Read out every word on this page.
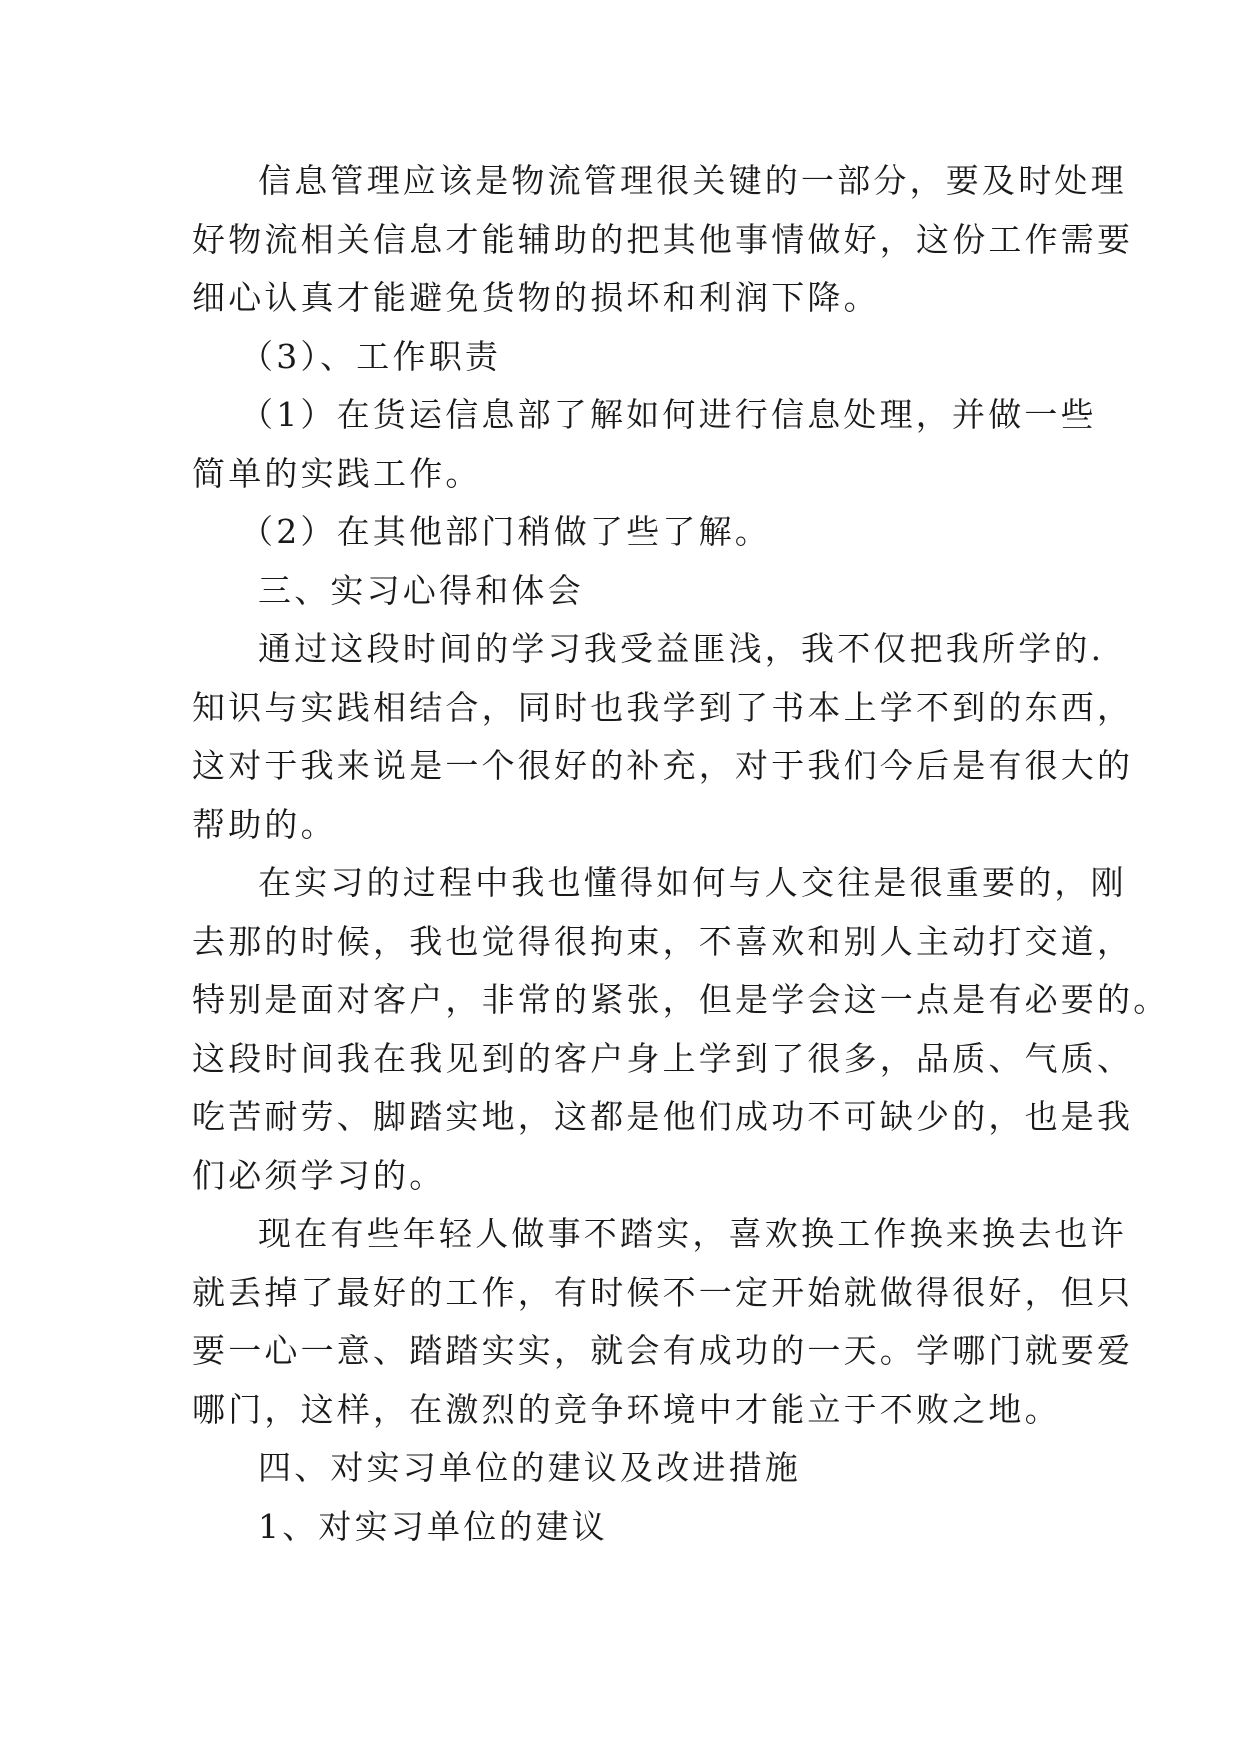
信息管理应该是物流管理很关键的一部分，要及时处理
好物流相关信息才能辅助的把其他事情做好，这份工作需要
细心认真才能避免货物的损坏和利润下降。
（3）、工作职责
（1）在货运信息部了解如何进行信息处理，并做一些
简单的实践工作。
（2）在其他部门稍做了些了解。
三、实习心得和体会
通过这段时间的学习我受益匪浅，我不仅把我所学的.
知识与实践相结合，同时也我学到了书本上学不到的东西，
这对于我来说是一个很好的补充，对于我们今后是有很大的
帮助的。
在实习的过程中我也懂得如何与人交往是很重要的，刚
去那的时候，我也觉得很拘束，不喜欢和别人主动打交道，
特别是面对客户，非常的紧张，但是学会这一点是有必要的。
这段时间我在我见到的客户身上学到了很多，品质、气质、
吃苦耐劳、脚踏实地，这都是他们成功不可缺少的，也是我
们必须学习的。
现在有些年轻人做事不踏实，喜欢换工作换来换去也许
就丢掉了最好的工作，有时候不一定开始就做得很好，但只
要一心一意、踏踏实实，就会有成功的一天。学哪门就要爱
哪门，这样，在激烈的竞争环境中才能立于不败之地。
四、对实习单位的建议及改进措施
1、对实习单位的建议
